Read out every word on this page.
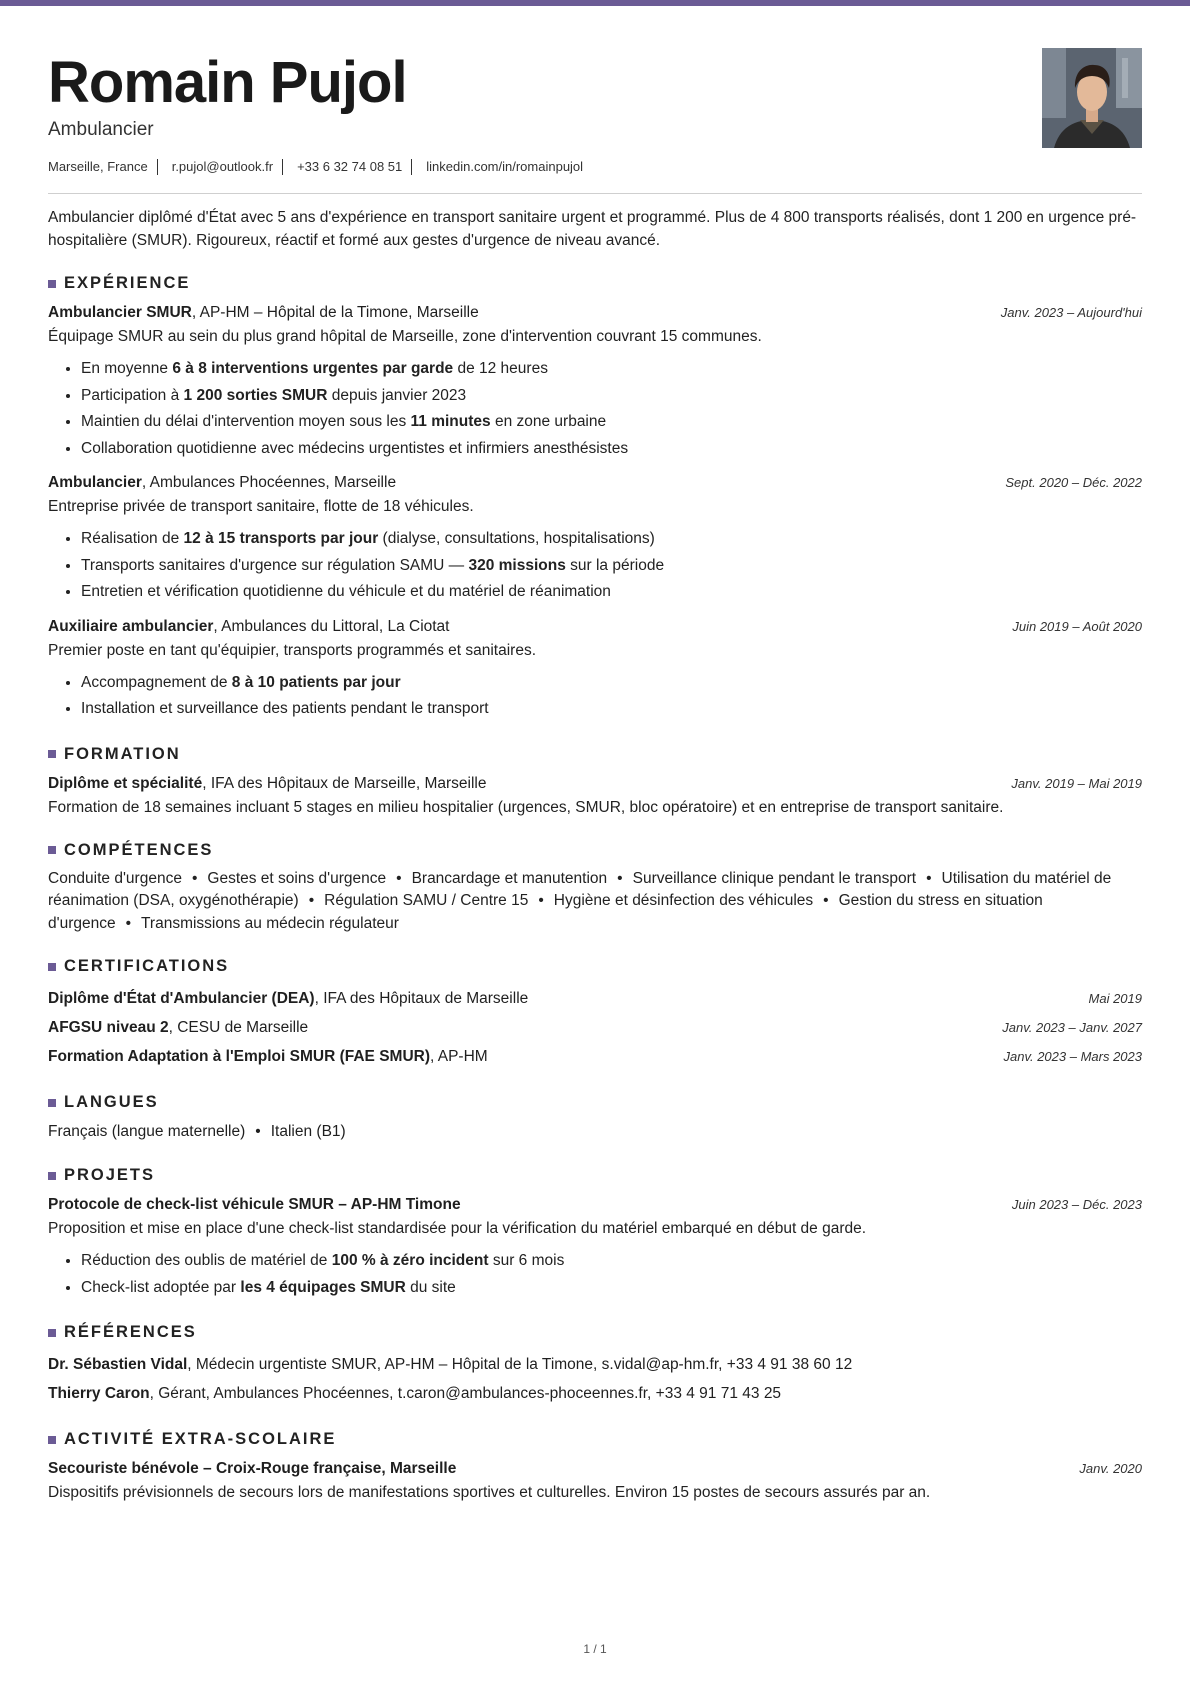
Romain Pujol
Ambulancier
Marseille, France	r.pujol@outlook.fr	+33 6 32 74 08 51	linkedin.com/in/romainpujol

Ambulancier diplômé d'État avec 5 ans d'expérience en transport sanitaire urgent et programmé. Plus de 4 800 transports réalisés, dont 1 200 en urgence pré-hospitalière (SMUR). Rigoureux, réactif et formé aux gestes d'urgence de niveau avancé.

EXPÉRIENCE
Ambulancier SMUR, AP-HM – Hôpital de la Timone, Marseille	Janv. 2023 – Aujourd'hui
Équipage SMUR au sein du plus grand hôpital de Marseille, zone d'intervention couvrant 15 communes.
• En moyenne 6 à 8 interventions urgentes par garde de 12 heures
• Participation à 1 200 sorties SMUR depuis janvier 2023
• Maintien du délai d'intervention moyen sous les 11 minutes en zone urbaine
• Collaboration quotidienne avec médecins urgentistes et infirmiers anesthésistes
Ambulancier, Ambulances Phocéennes, Marseille	Sept. 2020 – Déc. 2022
Entreprise privée de transport sanitaire, flotte de 18 véhicules.
• Réalisation de 12 à 15 transports par jour (dialyse, consultations, hospitalisations)
• Transports sanitaires d'urgence sur régulation SAMU — 320 missions sur la période
• Entretien et vérification quotidienne du véhicule et du matériel de réanimation
Auxiliaire ambulancier, Ambulances du Littoral, La Ciotat	Juin 2019 – Août 2020
Premier poste en tant qu'équipier, transports programmés et sanitaires.
• Accompagnement de 8 à 10 patients par jour
• Installation et surveillance des patients pendant le transport
FORMATION
Diplôme et spécialité, IFA des Hôpitaux de Marseille, Marseille	Janv. 2019 – Mai 2019
Formation de 18 semaines incluant 5 stages en milieu hospitalier (urgences, SMUR, bloc opératoire) et en entreprise de transport sanitaire.
COMPÉTENCES
Conduite d'urgence • Gestes et soins d'urgence • Brancardage et manutention • Surveillance clinique pendant le transport • Utilisation du matériel de réanimation (DSA, oxygénothérapie) • Régulation SAMU / Centre 15 • Hygiène et désinfection des véhicules • Gestion du stress en situation d'urgence • Transmissions au médecin régulateur
CERTIFICATIONS
Diplôme d'État d'Ambulancier (DEA), IFA des Hôpitaux de Marseille	Mai 2019
AFGSU niveau 2, CESU de Marseille	Janv. 2023 – Janv. 2027
Formation Adaptation à l'Emploi SMUR (FAE SMUR), AP-HM	Janv. 2023 – Mars 2023
LANGUES
Français (langue maternelle) • Italien (B1)
PROJETS
Protocole de check-list véhicule SMUR – AP-HM Timone	Juin 2023 – Déc. 2023
Proposition et mise en place d'une check-list standardisée pour la vérification du matériel embarqué en début de garde.
• Réduction des oublis de matériel de 100 % à zéro incident sur 6 mois
• Check-list adoptée par les 4 équipages SMUR du site
RÉFÉRENCES
Dr. Sébastien Vidal, Médecin urgentiste SMUR, AP-HM – Hôpital de la Timone, s.vidal@ap-hm.fr, +33 4 91 38 60 12
Thierry Caron, Gérant, Ambulances Phocéennes, t.caron@ambulances-phoceennes.fr, +33 4 91 71 43 25
ACTIVITÉ EXTRA-SCOLAIRE
Secouriste bénévole – Croix-Rouge française, Marseille	Janv. 2020
Dispositifs prévisionnels de secours lors de manifestations sportives et culturelles. Environ 15 postes de secours assurés par an.
1 / 1
